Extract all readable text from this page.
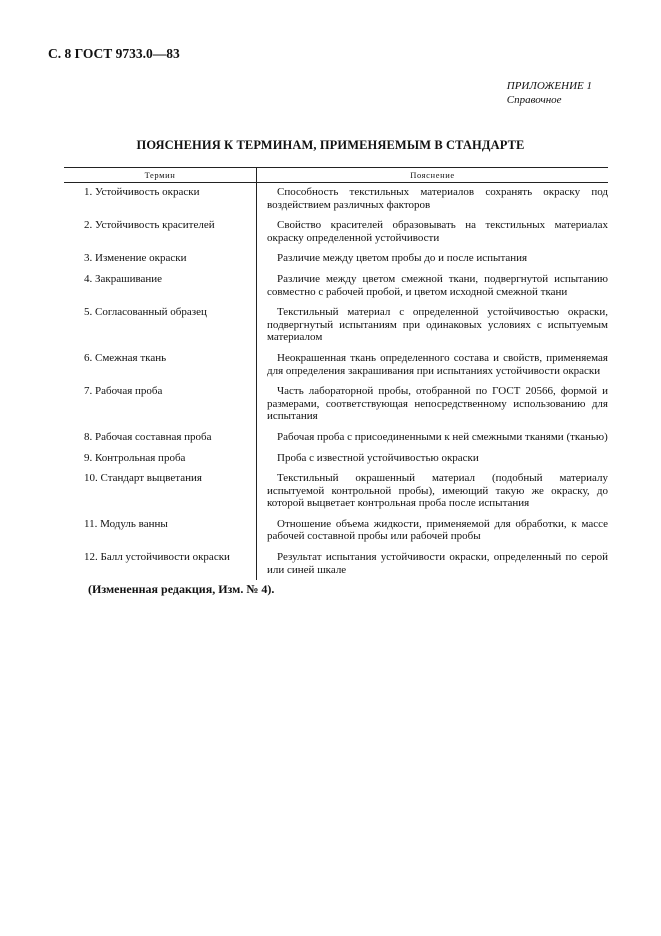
С. 8 ГОСТ 9733.0—83
ПРИЛОЖЕНИЕ 1
Справочное
ПОЯСНЕНИЯ К ТЕРМИНАМ, ПРИМЕНЯЕМЫМ В СТАНДАРТЕ
Термин	Пояснение
1. Устойчивость окраски	Способность текстильных материалов сохранять окраску под воздействием различных факторов
2. Устойчивость красителей	Свойство красителей образовывать на текстильных материалах окраску определенной устойчивости
3. Изменение окраски	Различие между цветом пробы до и после испытания
4. Закрашивание	Различие между цветом смежной ткани, подвергнутой испытанию совместно с рабочей пробой, и цветом исходной смежной ткани
5. Согласованный образец	Текстильный материал с определенной устойчивостью окраски, подвергнутый испытаниям при одинаковых условиях с испытуемым материалом
6. Смежная ткань	Неокрашенная ткань определенного состава и свойств, применяемая для определения закрашивания при испытаниях устойчивости окраски
7. Рабочая проба	Часть лабораторной пробы, отобранной по ГОСТ 20566, формой и размерами, соответствующая непосредственному использованию для испытания
8. Рабочая составная проба	Рабочая проба с присоединенными к ней смежными тканями (тканью)
9. Контрольная проба	Проба с известной устойчивостью окраски
10. Стандарт выцветания	Текстильный окрашенный материал (подобный материалу испытуемой контрольной пробы), имеющий такую же окраску, до которой выцветает контрольная проба после испытания
11. Модуль ванны	Отношение объема жидкости, применяемой для обработки, к массе рабочей составной пробы или рабочей пробы
12. Балл устойчивости окраски	Результат испытания устойчивости окраски, определенный по серой или синей шкале
(Измененная редакция, Изм. № 4).
